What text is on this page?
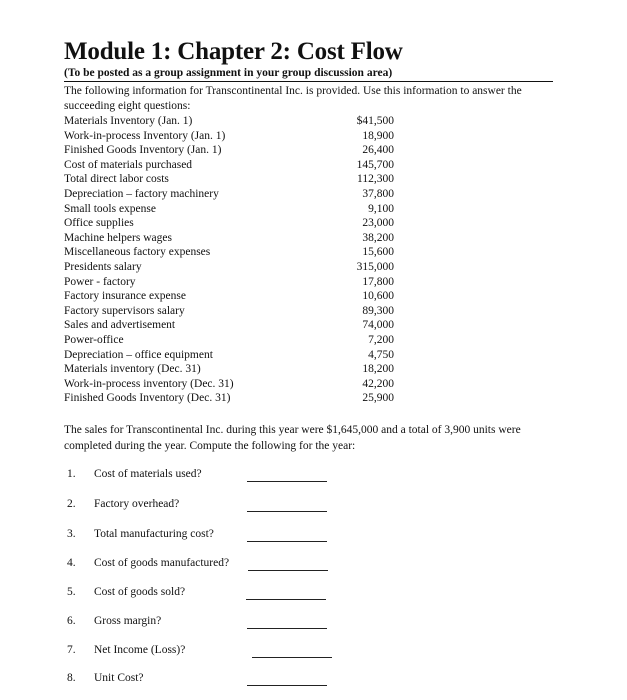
Module 1: Chapter 2: Cost Flow
(To be posted as a group assignment in your group discussion area)
The following information for Transcontinental Inc. is provided. Use this information to answer the succeeding eight questions:
Materials Inventory (Jan. 1)	$41,500
Work-in-process Inventory (Jan. 1)	18,900
Finished Goods Inventory (Jan. 1)	26,400
Cost of materials purchased	145,700
Total direct labor costs	112,300
Depreciation – factory machinery	37,800
Small tools expense	9,100
Office supplies	23,000
Machine helpers wages	38,200
Miscellaneous factory expenses	15,600
Presidents salary	315,000
Power - factory	17,800
Factory insurance expense	10,600
Factory supervisors salary	89,300
Sales and advertisement	74,000
Power-office	7,200
Depreciation – office equipment	4,750
Materials inventory (Dec. 31)	18,200
Work-in-process inventory (Dec. 31)	42,200
Finished Goods Inventory (Dec. 31)	25,900
The sales for Transcontinental Inc. during this year were $1,645,000 and a total of 3,900 units were completed during the year. Compute the following for the year:
1. Cost of materials used?
2. Factory overhead?
3. Total manufacturing cost?
4. Cost of goods manufactured?
5. Cost of goods sold?
6. Gross margin?
7. Net Income (Loss)?
8. Unit Cost?
